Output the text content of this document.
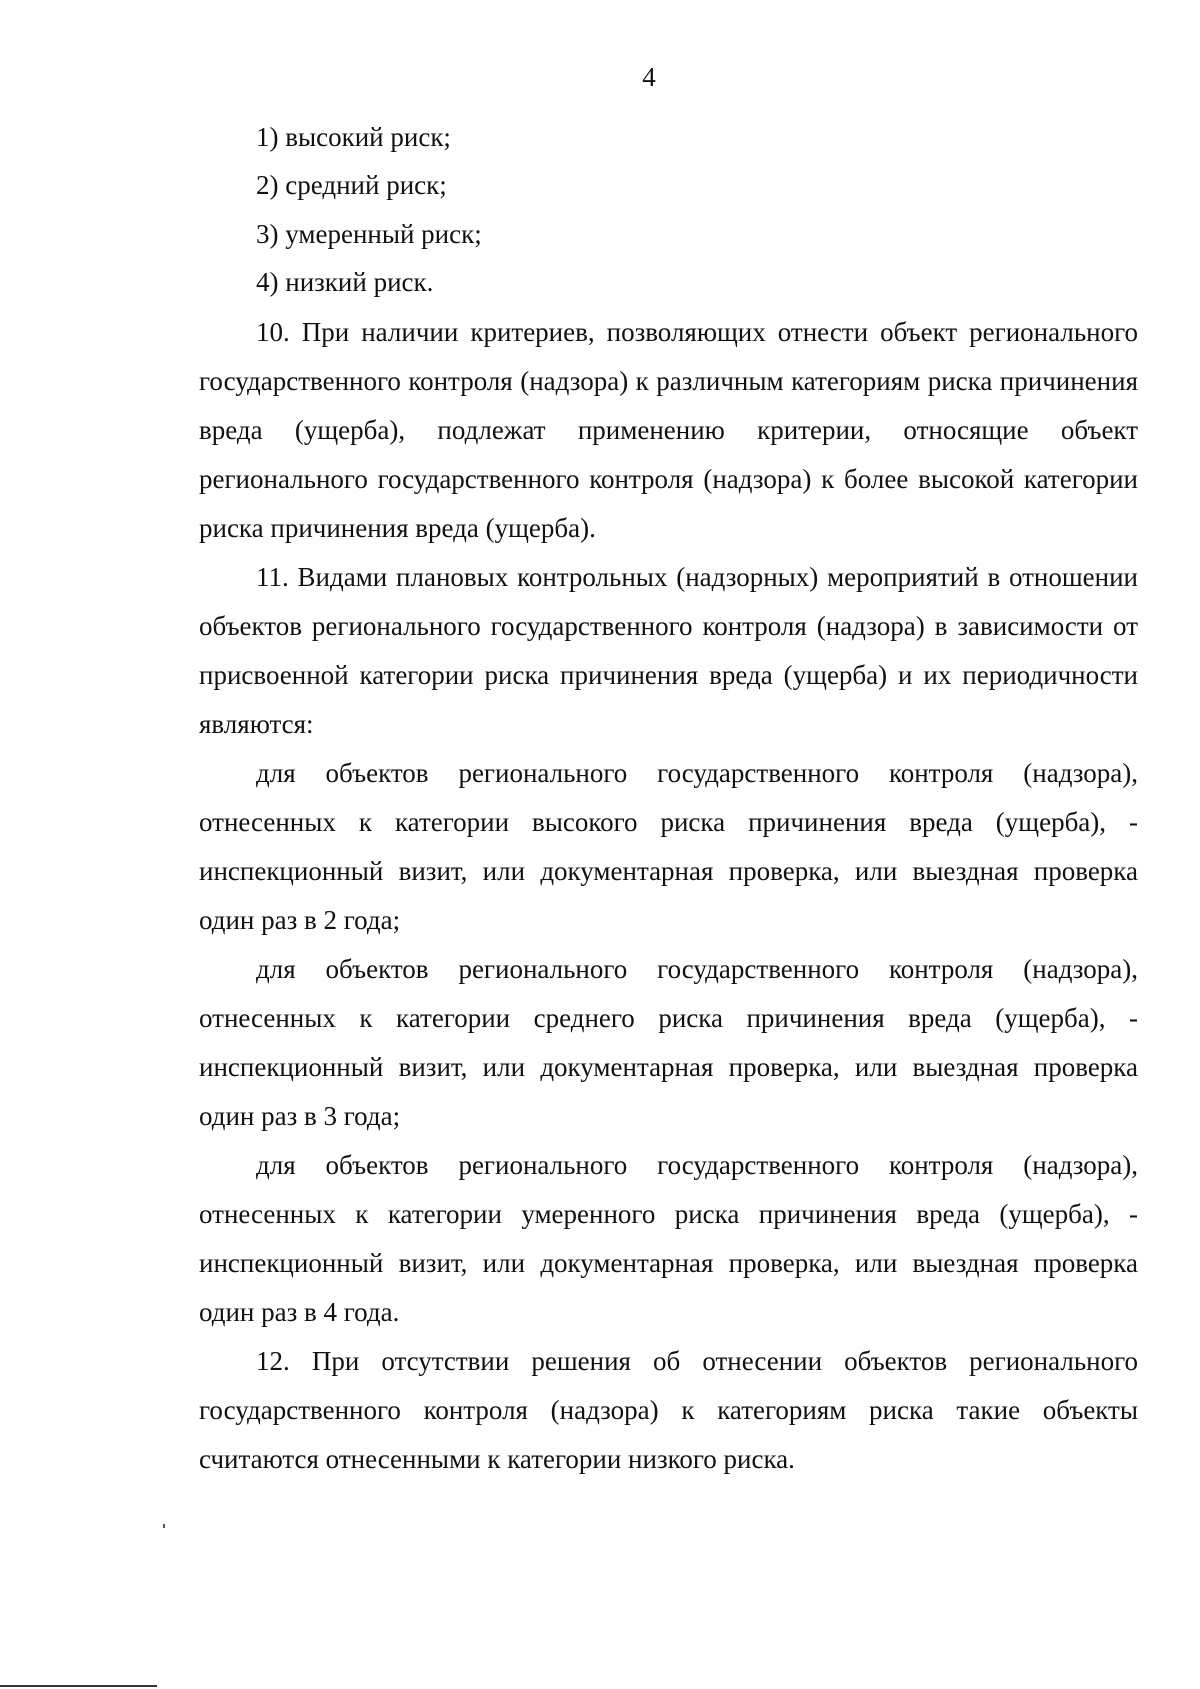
4
1) высокий риск;
2) средний риск;
3) умеренный риск;
4) низкий риск.

10. При наличии критериев, позволяющих отнести объект регионального государственного контроля (надзора) к различным категориям риска причинения вреда (ущерба), подлежат применению критерии, относящие объект регионального государственного контроля (надзора) к более высокой категории риска причинения вреда (ущерба).

11. Видами плановых контрольных (надзорных) мероприятий в отношении объектов регионального государственного контроля (надзора) в зависимости от присвоенной категории риска причинения вреда (ущерба) и их периодичности являются:

для объектов регионального государственного контроля (надзора), отнесенных к категории высокого риска причинения вреда (ущерба), - инспекционный визит, или документарная проверка, или выездная проверка один раз в 2 года;

для объектов регионального государственного контроля (надзора), отнесенных к категории среднего риска причинения вреда (ущерба), - инспекционный визит, или документарная проверка, или выездная проверка один раз в 3 года;

для объектов регионального государственного контроля (надзора), отнесенных к категории умеренного риска причинения вреда (ущерба), - инспекционный визит, или документарная проверка, или выездная проверка один раз в 4 года.

12. При отсутствии решения об отнесении объектов регионального государственного контроля (надзора) к категориям риска такие объекты считаются отнесенными к категории низкого риска.
